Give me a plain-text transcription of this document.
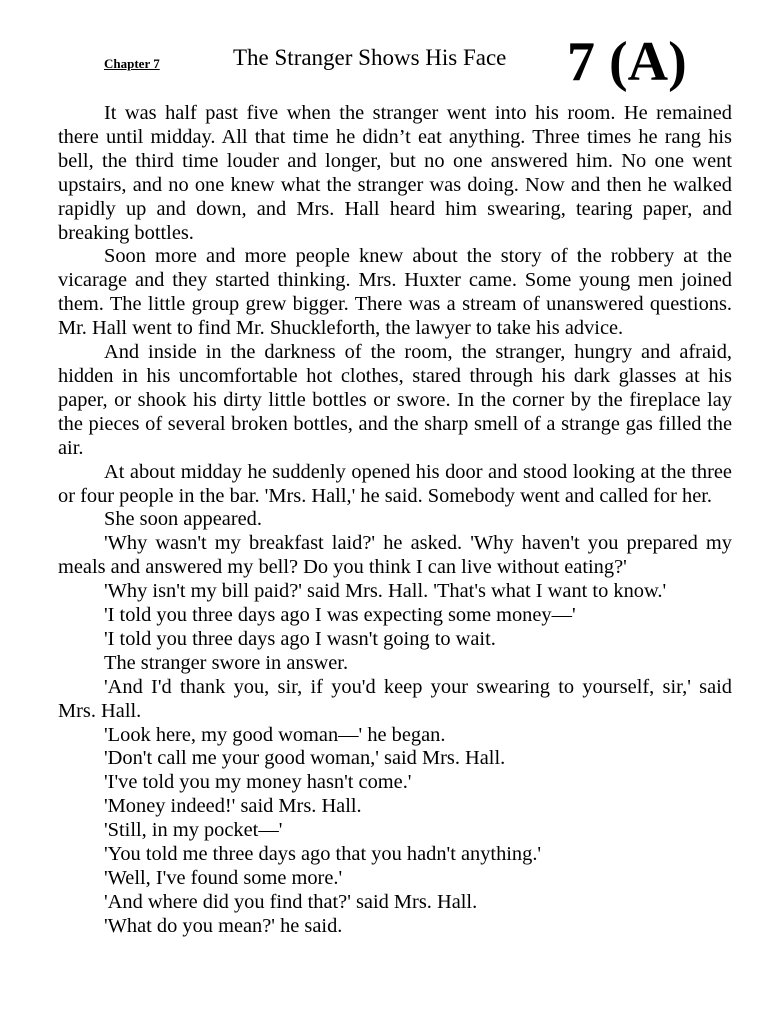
Chapter 7	The Stranger Shows His Face 7 (A)

It was half past five when the stranger went into his room. He remained there until midday. All that time he didn’t eat anything. Three times he rang his bell, the third time louder and longer, but no one answered him. No one went upstairs, and no one knew what the stranger was doing. Now and then he walked rapidly up and down, and Mrs. Hall heard him swearing, tearing paper, and breaking bottles.

Soon more and more people knew about the story of the robbery at the vicarage and they started thinking. Mrs. Huxter came. Some young men joined them. The little group grew bigger. There was a stream of unanswered questions. Mr. Hall went to find Mr. Shuckleforth, the lawyer to take his advice.

And inside in the darkness of the room, the stranger, hungry and afraid, hidden in his uncomfortable hot clothes, stared through his dark glasses at his paper, or shook his dirty little bottles or swore. In the corner by the fireplace lay the pieces of several broken bottles, and the sharp smell of a strange gas filled the air.

At about midday he suddenly opened his door and stood looking at the three or four people in the bar. 'Mrs. Hall,' he said. Somebody went and called for her.

She soon appeared.

'Why wasn't my breakfast laid?' he asked. 'Why haven't you prepared my meals and answered my bell? Do you think I can live without eating?'

'Why isn't my bill paid?' said Mrs. Hall. 'That's what I want to know.'

'I told you three days ago I was expecting some money—'

'I told you three days ago I wasn't going to wait.

The stranger swore in answer.

'And I'd thank you, sir, if you'd keep your swearing to yourself, sir,' said Mrs. Hall.

'Look here, my good woman—' he began.

'Don't call me your good woman,' said Mrs. Hall.

'I've told you my money hasn't come.'

'Money indeed!' said Mrs. Hall.

'Still, in my pocket—'

'You told me three days ago that you hadn't anything.'

'Well, I've found some more.'

'And where did you find that?' said Mrs. Hall.

'What do you mean?' he said.
